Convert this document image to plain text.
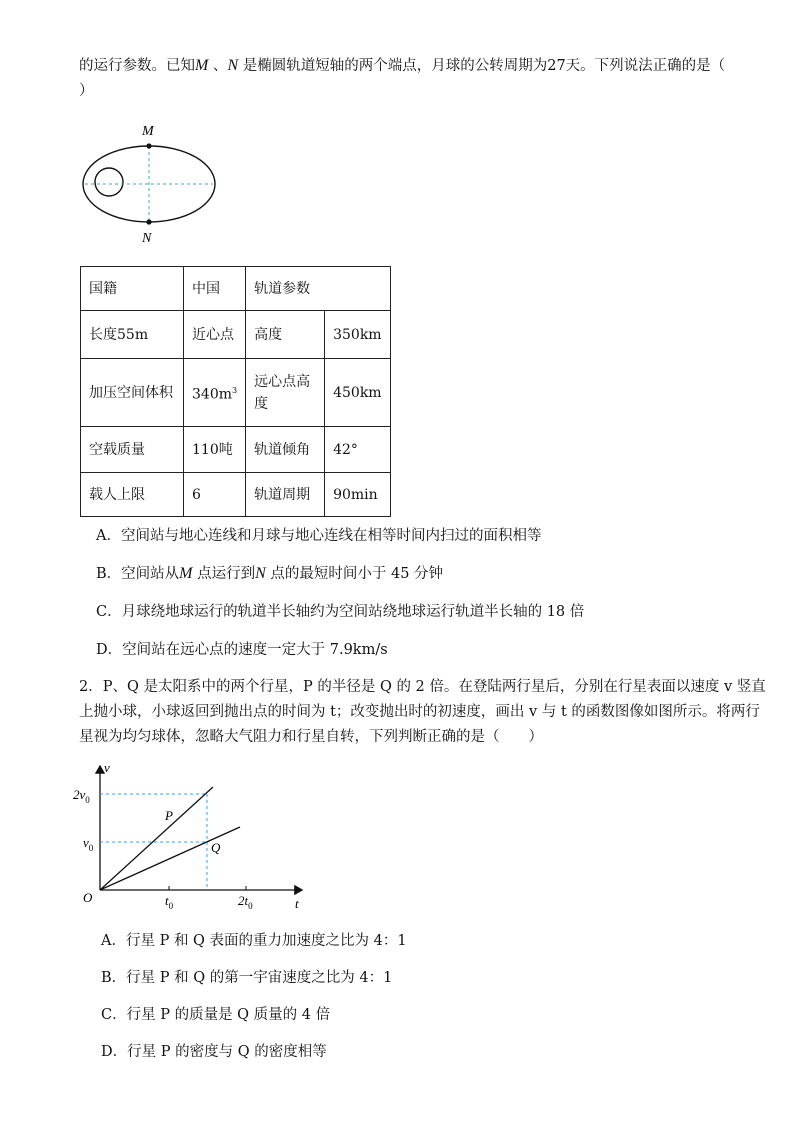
的运行参数。已知M 、N 是椭圆轨道短轴的两个端点，月球的公转周期为27天。下列说法正确的是（
）
M
N
国籍	中国	轨道参数	
长度55m	近心点	高度	350km
加压空间体积	$340m^3$	远心点高度	450km
空载质量	110吨	轨道倾角	42°
载人上限	6	轨道周期	90min
A．空间站与地心连线和月球与地心连线在相等时间内扫过的面积相等
B．空间站从M 点运行到N 点的最短时间小于 45 分钟
C．月球绕地球运行的轨道半长轴约为空间站绕地球运行轨道半长轴的 18 倍
D．空间站在远心点的速度一定大于 7.9km/s
2．P、Q 是太阳系中的两个行星，P 的半径是 Q 的 2 倍。在登陆两行星后，分别在行星表面以速度 v 竖直
上抛小球，小球返回到抛出点的时间为 t；改变抛出时的初速度，画出 v 与 t 的函数图像如图所示。将两行
星视为均匀球体，忽略大气阻力和行星自转，下列判断正确的是（　　）
v
t
O
$2v_0$
$v_0$
$t_0$	$2t_0$
P
Q
A．行星 P 和 Q 表面的重力加速度之比为 4：1
B．行星 P 和 Q 的第一宇宙速度之比为 4：1
C．行星 P 的质量是 Q 质量的 4 倍
D．行星 P 的密度与 Q 的密度相等
